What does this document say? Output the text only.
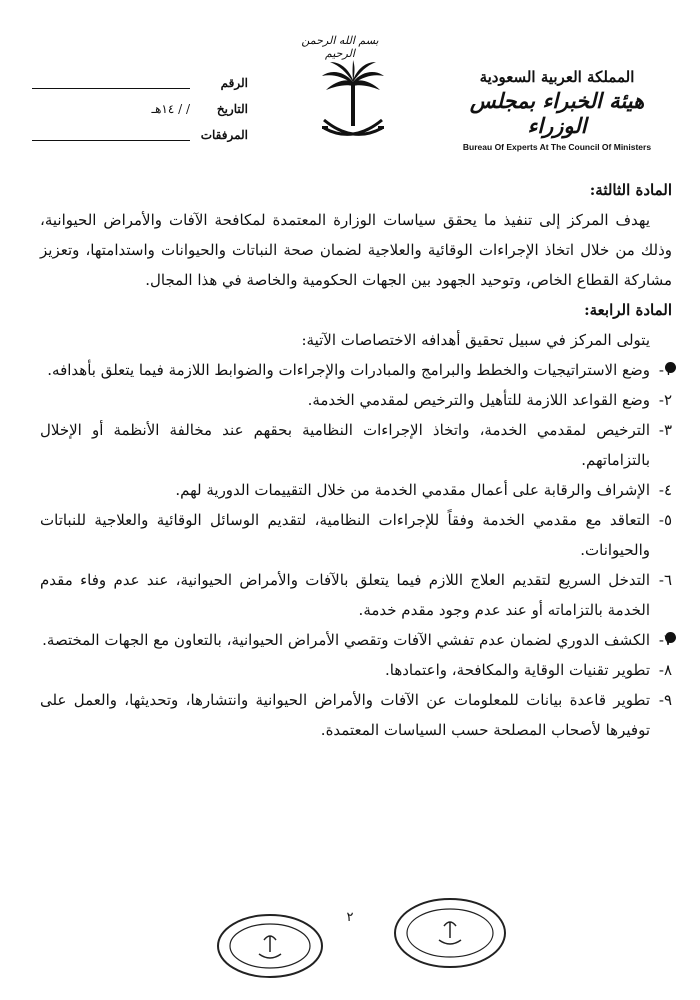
بسم الله الرحمن الرحيم
الرقم
التاريخ
/ / ١٤هـ
المرفقات
المملكة العربية السعودية
هيئة الخبراء بمجلس الوزراء
Bureau Of Experts At The Council Of Ministers
المادة الثالثة:
يهدف المركز إلى تنفيذ ما يحقق سياسات الوزارة المعتمدة لمكافحة الآفات والأمراض الحيوانية، وذلك من خلال اتخاذ الإجراءات الوقائية والعلاجية لضمان صحة النباتات والحيوانات واستدامتها، وتعزيز مشاركة القطاع الخاص، وتوحيد الجهود بين الجهات الحكومية والخاصة في هذا المجال.
المادة الرابعة:
يتولى المركز في سبيل تحقيق أهدافه الاختصاصات الآتية:
-
وضع الاستراتيجيات والخطط والبرامج والمبادرات والإجراءات والضوابط اللازمة فيما يتعلق بأهدافه.
٢-
وضع القواعد اللازمة للتأهيل والترخيص لمقدمي الخدمة.
٣-
الترخيص لمقدمي الخدمة، واتخاذ الإجراءات النظامية بحقهم عند مخالفة الأنظمة أو الإخلال بالتزاماتهم.
٤-
الإشراف والرقابة على أعمال مقدمي الخدمة من خلال التقييمات الدورية لهم.
٥-
التعاقد مع مقدمي الخدمة وفقاً للإجراءات النظامية، لتقديم الوسائل الوقائية والعلاجية للنباتات والحيوانات.
٦-
التدخل السريع لتقديم العلاج اللازم فيما يتعلق بالآفات والأمراض الحيوانية، عند عدم وفاء مقدم الخدمة بالتزاماته أو عند عدم وجود مقدم خدمة.
-
الكشف الدوري لضمان عدم تفشي الآفات وتقصي الأمراض الحيوانية، بالتعاون مع الجهات المختصة.
٨-
تطوير تقنيات الوقاية والمكافحة، واعتمادها.
٩-
تطوير قاعدة بيانات للمعلومات عن الآفات والأمراض الحيوانية وانتشارها، وتحديثها، والعمل على توفيرها لأصحاب المصلحة حسب السياسات المعتمدة.
٢
